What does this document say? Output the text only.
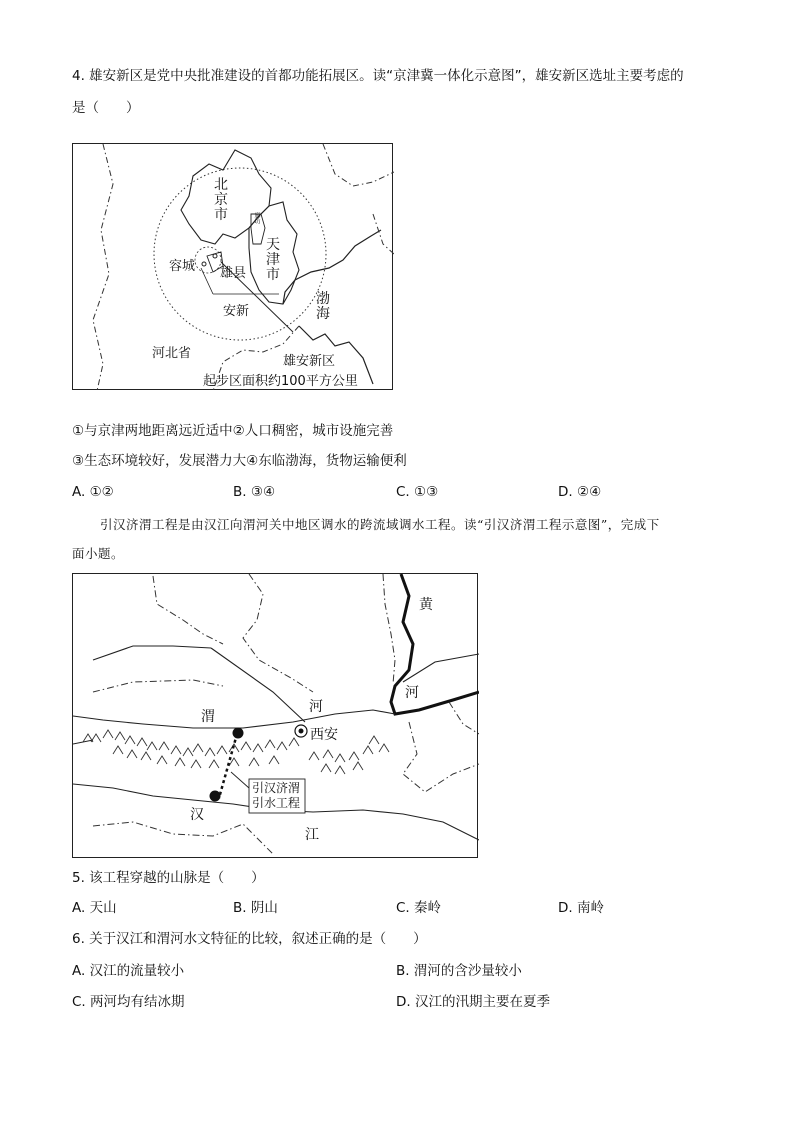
4. 雄安新区是党中央批准建设的首都功能拓展区。读“京津冀一体化示意图”，雄安新区选址主要考虑的
是（　　）
北
京
市	廊坊
天
津
市
容城 雄县
安新
渤
海
河北省
雄安新区
起步区面积约100平方公里
①与京津两地距离远近适中②人口稠密，城市设施完善
③生态环境较好，发展潜力大④东临渤海，货物运输便利
A. ①②	B. ③④	C. ①③	D. ②④
引汉济渭工程是由汉江向渭河关中地区调水的跨流域调水工程。读“引汉济渭工程示意图”，完成下
面小题。
黄
河
渭
河
西安
汉
江
引汉济渭
引水工程
5. 该工程穿越的山脉是（　　）
A. 天山	B. 阴山	C. 秦岭	D. 南岭
6. 关于汉江和渭河水文特征的比较，叙述正确的是（　　）
A. 汉江的流量较小	B. 渭河的含沙量较小
C. 两河均有结冰期	D. 汉江的汛期主要在夏季
